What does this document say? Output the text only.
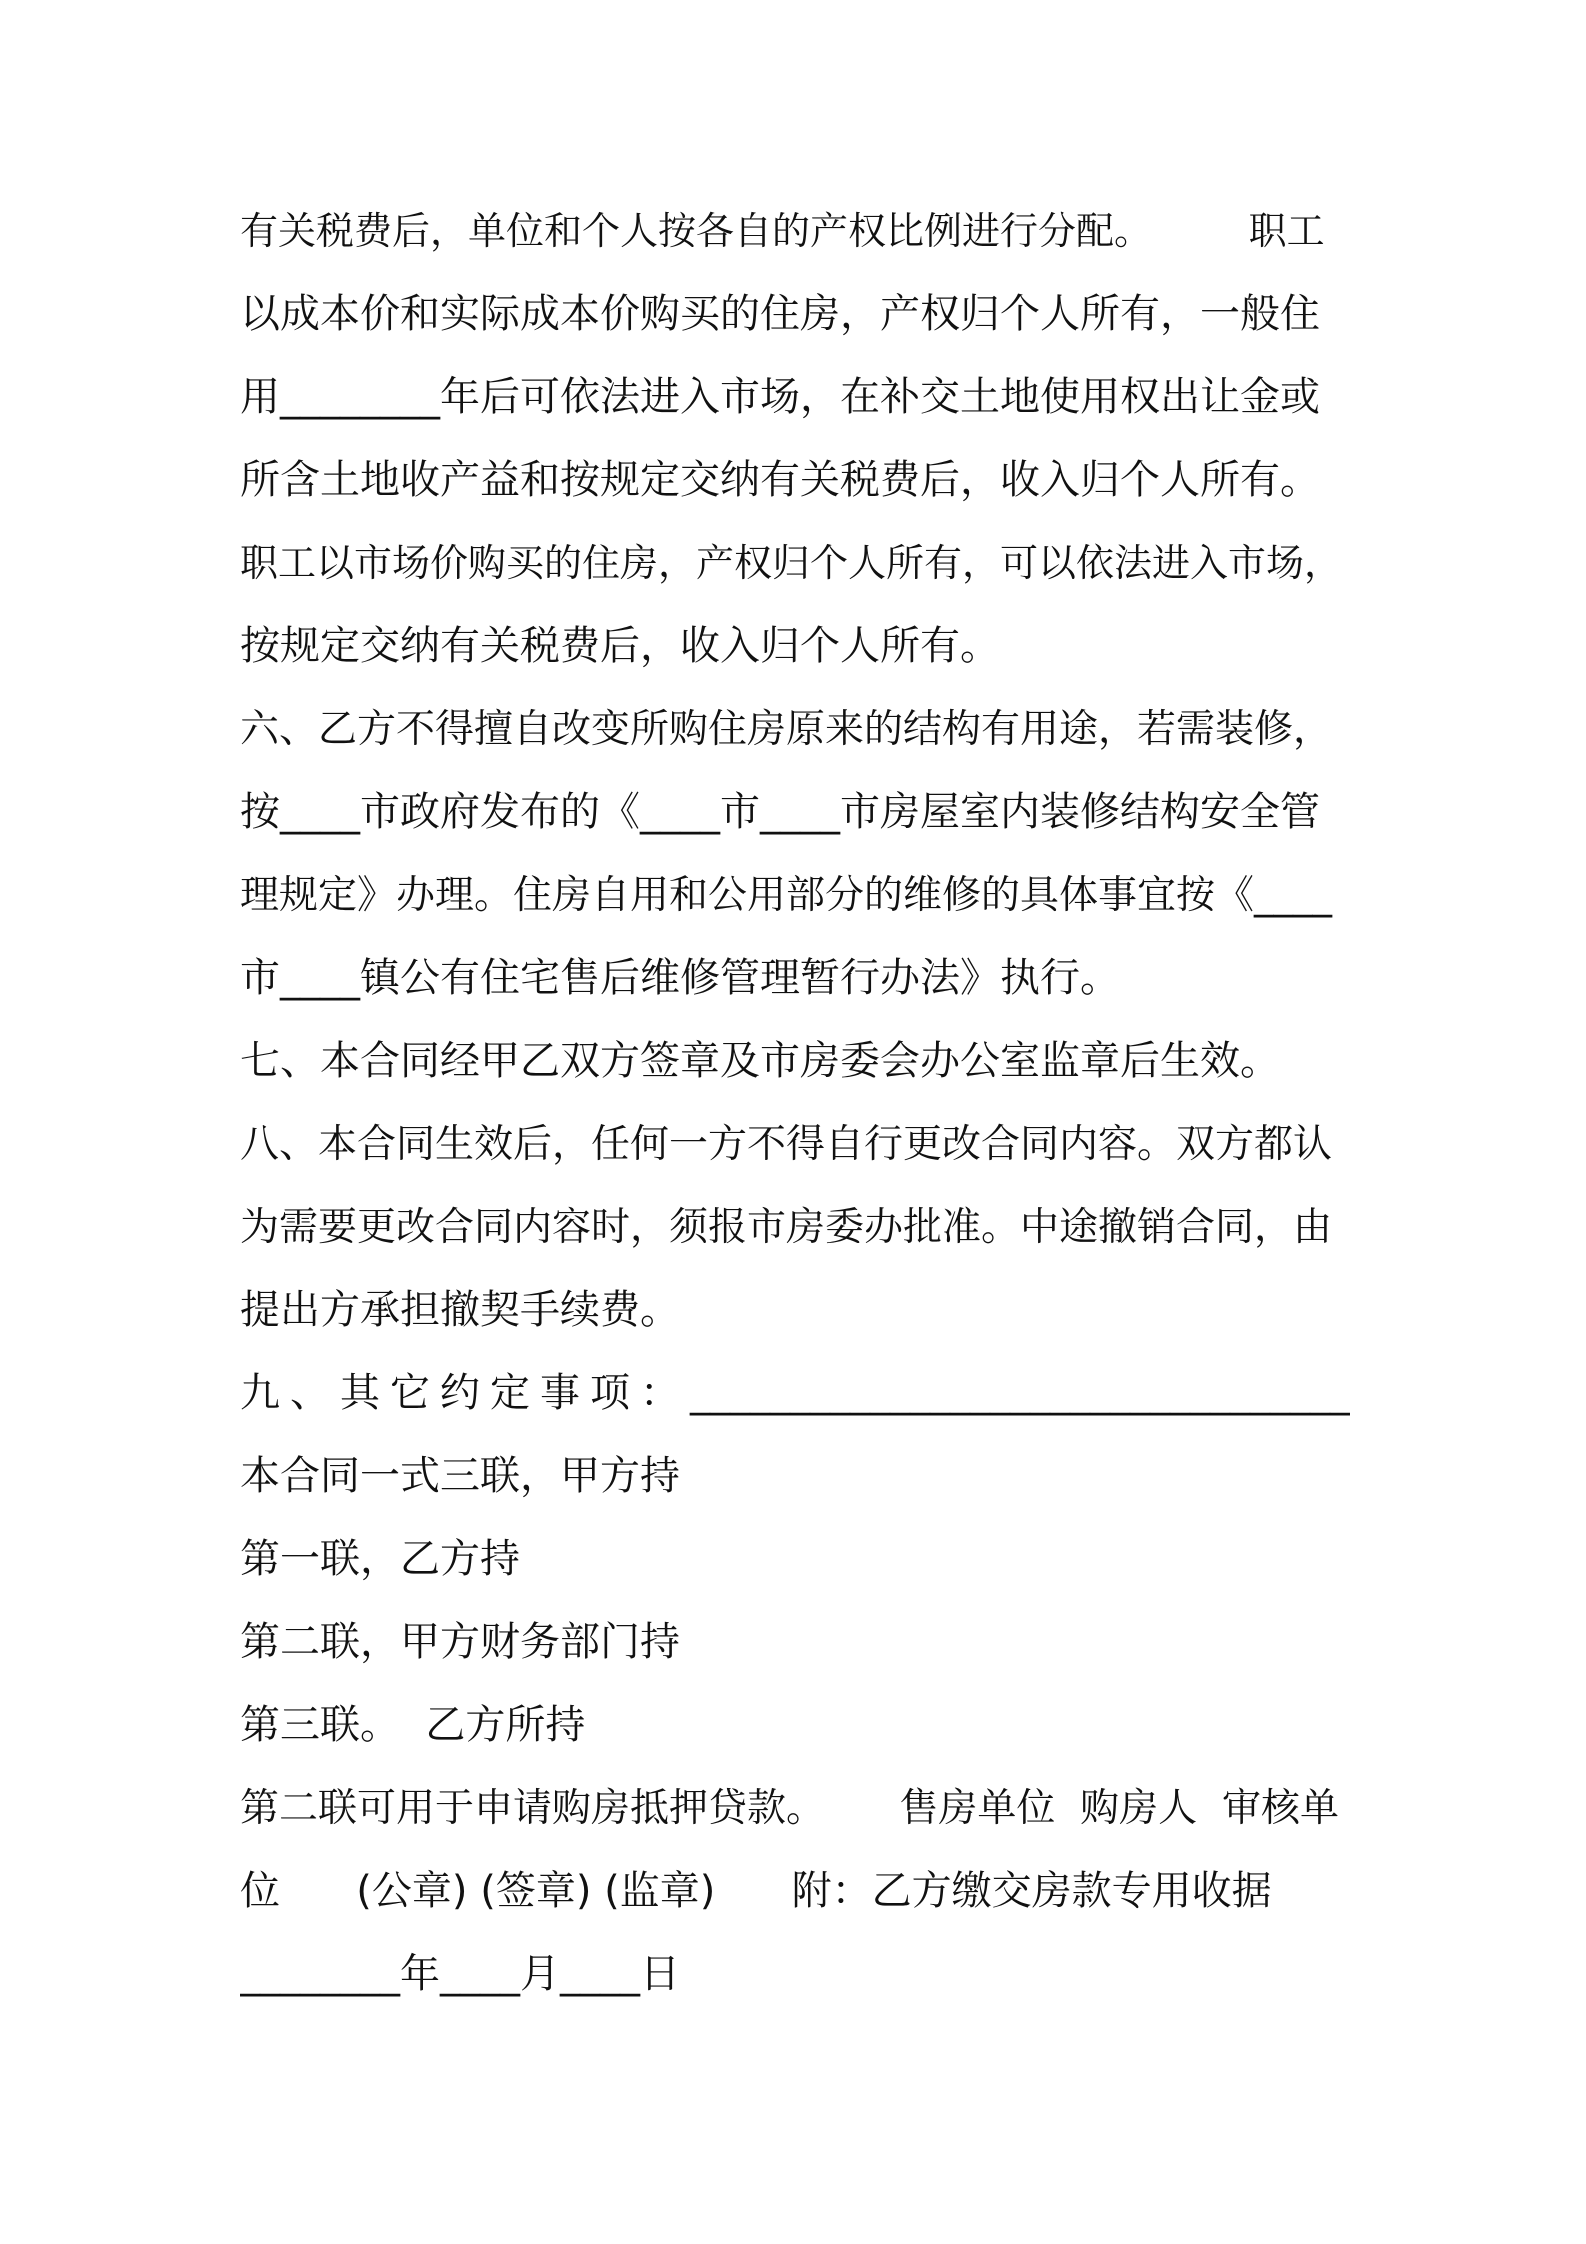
有关税费后，单位和个人按各自的产权比例进行分配。        职工
以成本价和实际成本价购买的住房，产权归个人所有，一般住
用________年后可依法进入市场，在补交土地使用权出让金或
所含土地收产益和按规定交纳有关税费后，收入归个人所有。
职工以市场价购买的住房，产权归个人所有，可以依法进入市场，
按规定交纳有关税费后，收入归个人所有。
六、乙方不得擅自改变所购住房原来的结构有用途，若需装修，
按____市政府发布的《____市____市房屋室内装修结构安全管
理规定》办理。住房自用和公用部分的维修的具体事宜按《____
市____镇公有住宅售后维修管理暂行办法》执行。
七、本合同经甲乙双方签章及市房委会办公室监章后生效。
八、本合同生效后，任何一方不得自行更改合同内容。双方都认
为需要更改合同内容时，须报市房委办批准。中途撤销合同，由
提出方承担撤契手续费。
九 、 其 它 约 定 事 项 ： _________________________________
本合同一式三联，甲方持
第一联，乙方持
第二联，甲方财务部门持
第三联。  乙方所持
第二联可用于申请购房抵押贷款。      售房单位  购房人  审核单
位      (公章) (签章) (监章)      附：乙方缴交房款专用收据
________年____月____日
